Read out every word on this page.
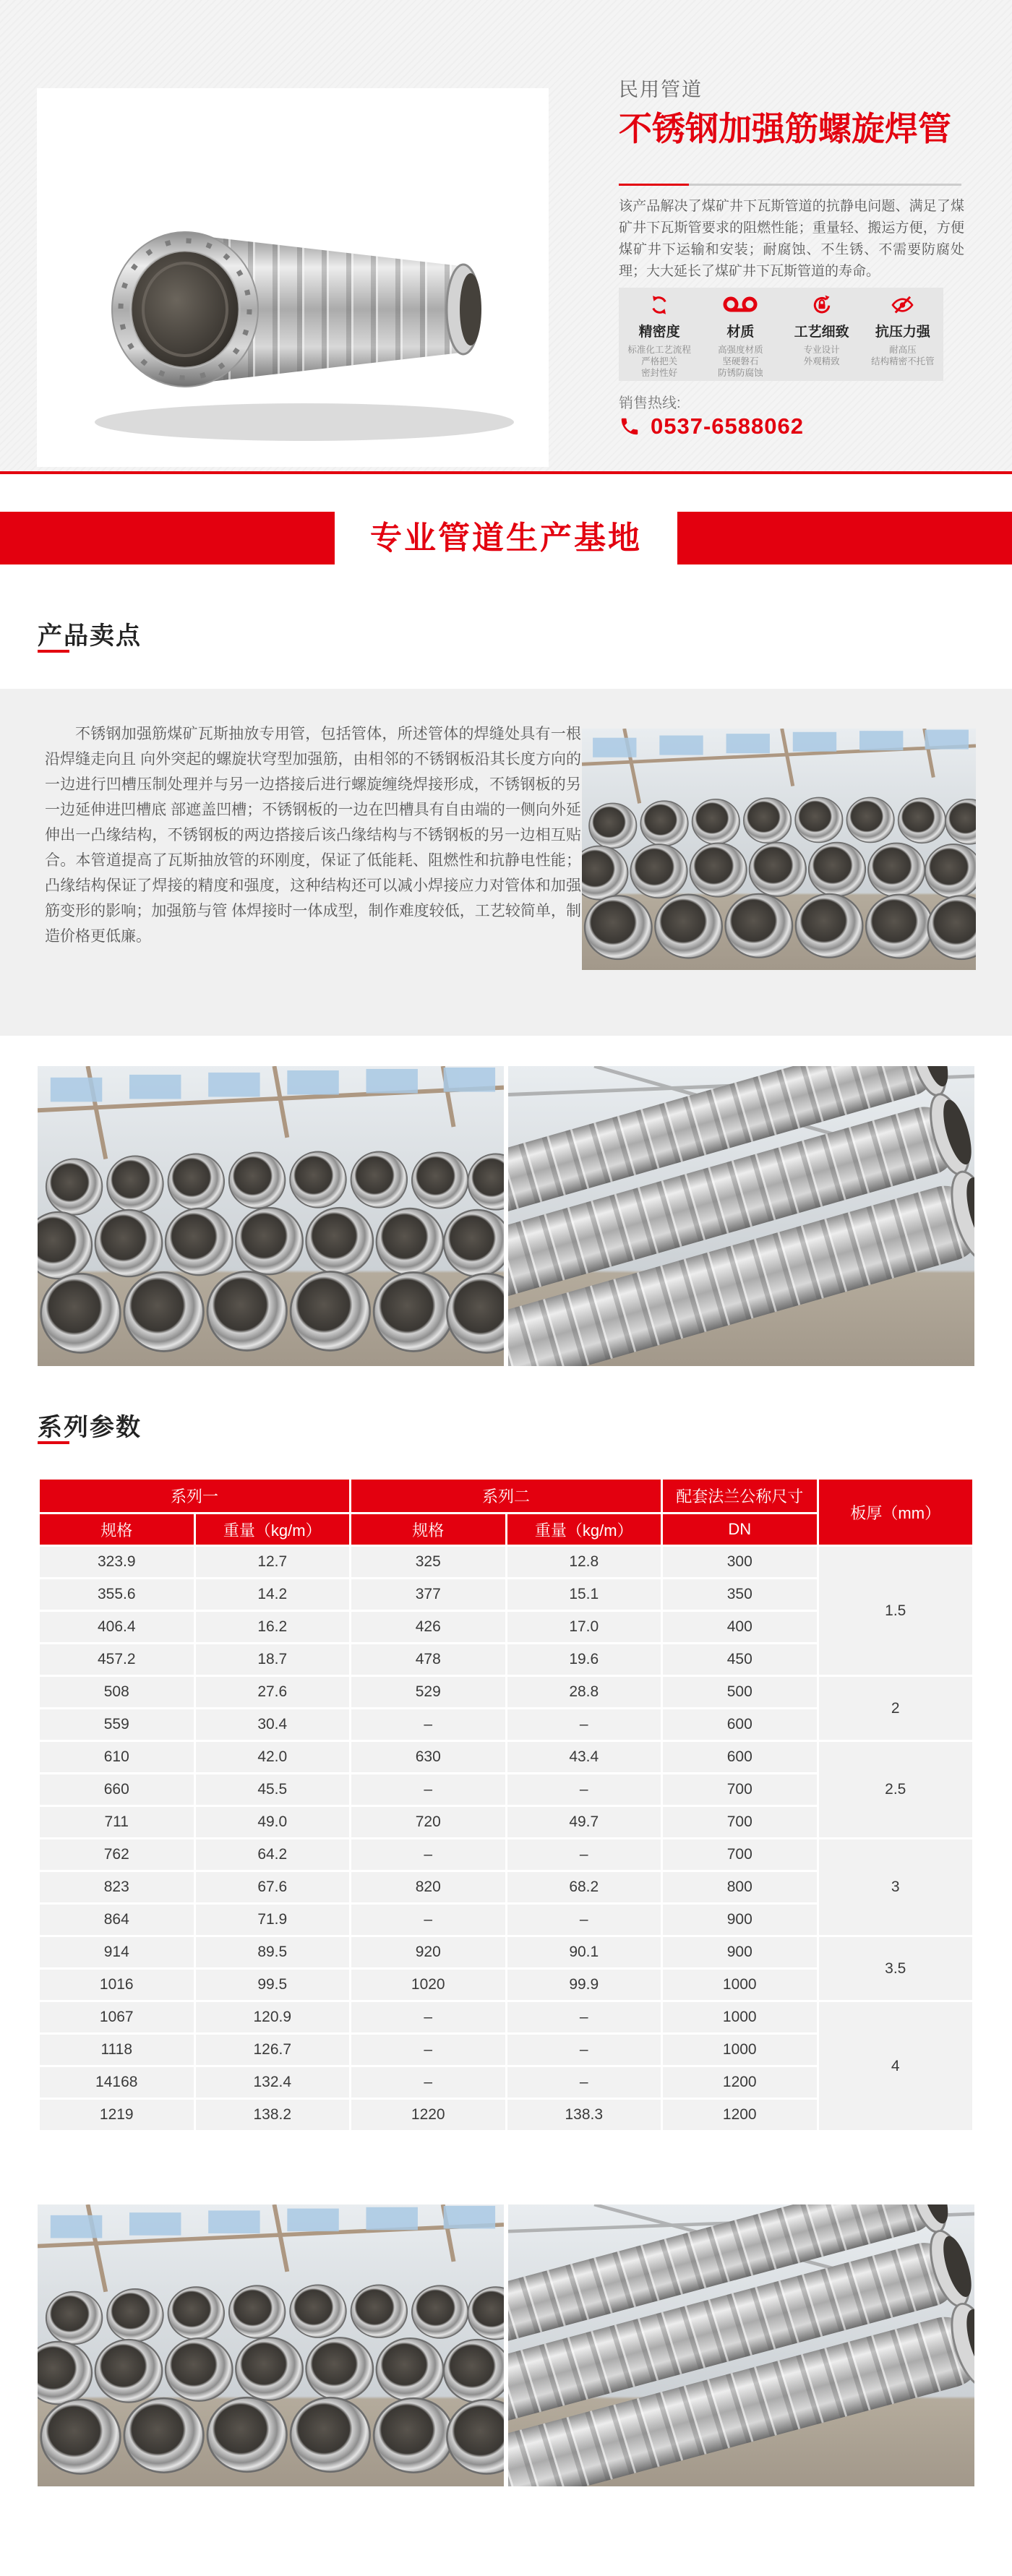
民用管道
不锈钢加强筋螺旋焊管

该产品解决了煤矿井下瓦斯管道的抗静电问题、满足了煤矿井下瓦斯管要求的阻燃性能；重量轻、搬运方便，方便煤矿井下运输和安装；耐腐蚀、不生锈、不需要防腐处理；大大延长了煤矿井下瓦斯管道的寿命。

精密度
标准化工艺流程
严格把关
密封性好
材质
高强度材质
坚硬磐石
防锈防腐蚀
工艺细致
专业设计
外观精致
抗压力强
耐高压
结构精密不托管
销售热线:
0537-6588062
专业管道生产基地
产品卖点

不锈钢加强筋煤矿瓦斯抽放专用管，包括管体，所述管体的焊缝处具有一根沿焊缝走向且 向外突起的螺旋状穹型加强筋，由相邻的不锈钢板沿其长度方向的一边进行凹槽压制处理并与另一边搭接后进行螺旋缠绕焊接形成，不锈钢板的另一边延伸进凹槽底 部遮盖凹槽；不锈钢板的一边在凹槽具有自由端的一侧向外延伸出一凸缘结构，不锈钢板的两边搭接后该凸缘结构与不锈钢板的另一边相互贴合。本管道提高了瓦斯抽放管的环刚度，保证了低能耗、阻燃性和抗静电性能；凸缘结构保证了焊接的精度和强度，这种结构还可以减小焊接应力对管体和加强筋变形的影响；加强筋与管 体焊接时一体成型，制作难度较低，工艺较简单，制造价格更低廉。

系列参数
系列一		系列二		配套法兰公称尺寸	板厚（mm）
规格	重量（kg/m）	规格	重量（kg/m）	DN	
323.9	12.7	325	12.8	300	1.5
355.6	14.2	377	15.1	350	
406.4	16.2	426	17.0	400	
457.2	18.7	478	19.6	450	
508	27.6	529	28.8	500	2
559	30.4	–	–	600	
610	42.0	630	43.4	600	2.5
660	45.5	–	–	700	
711	49.0	720	49.7	700	
762	64.2	–	–	700	3
823	67.6	820	68.2	800	
864	71.9	–	–	900	
914	89.5	920	90.1	900	3.5
1016	99.5	1020	99.9	1000	
1067	120.9	–	–	1000	4
1118	126.7	–	–	1000	
14168	132.4	–	–	1200	
1219	138.2	1220	138.3	1200	
